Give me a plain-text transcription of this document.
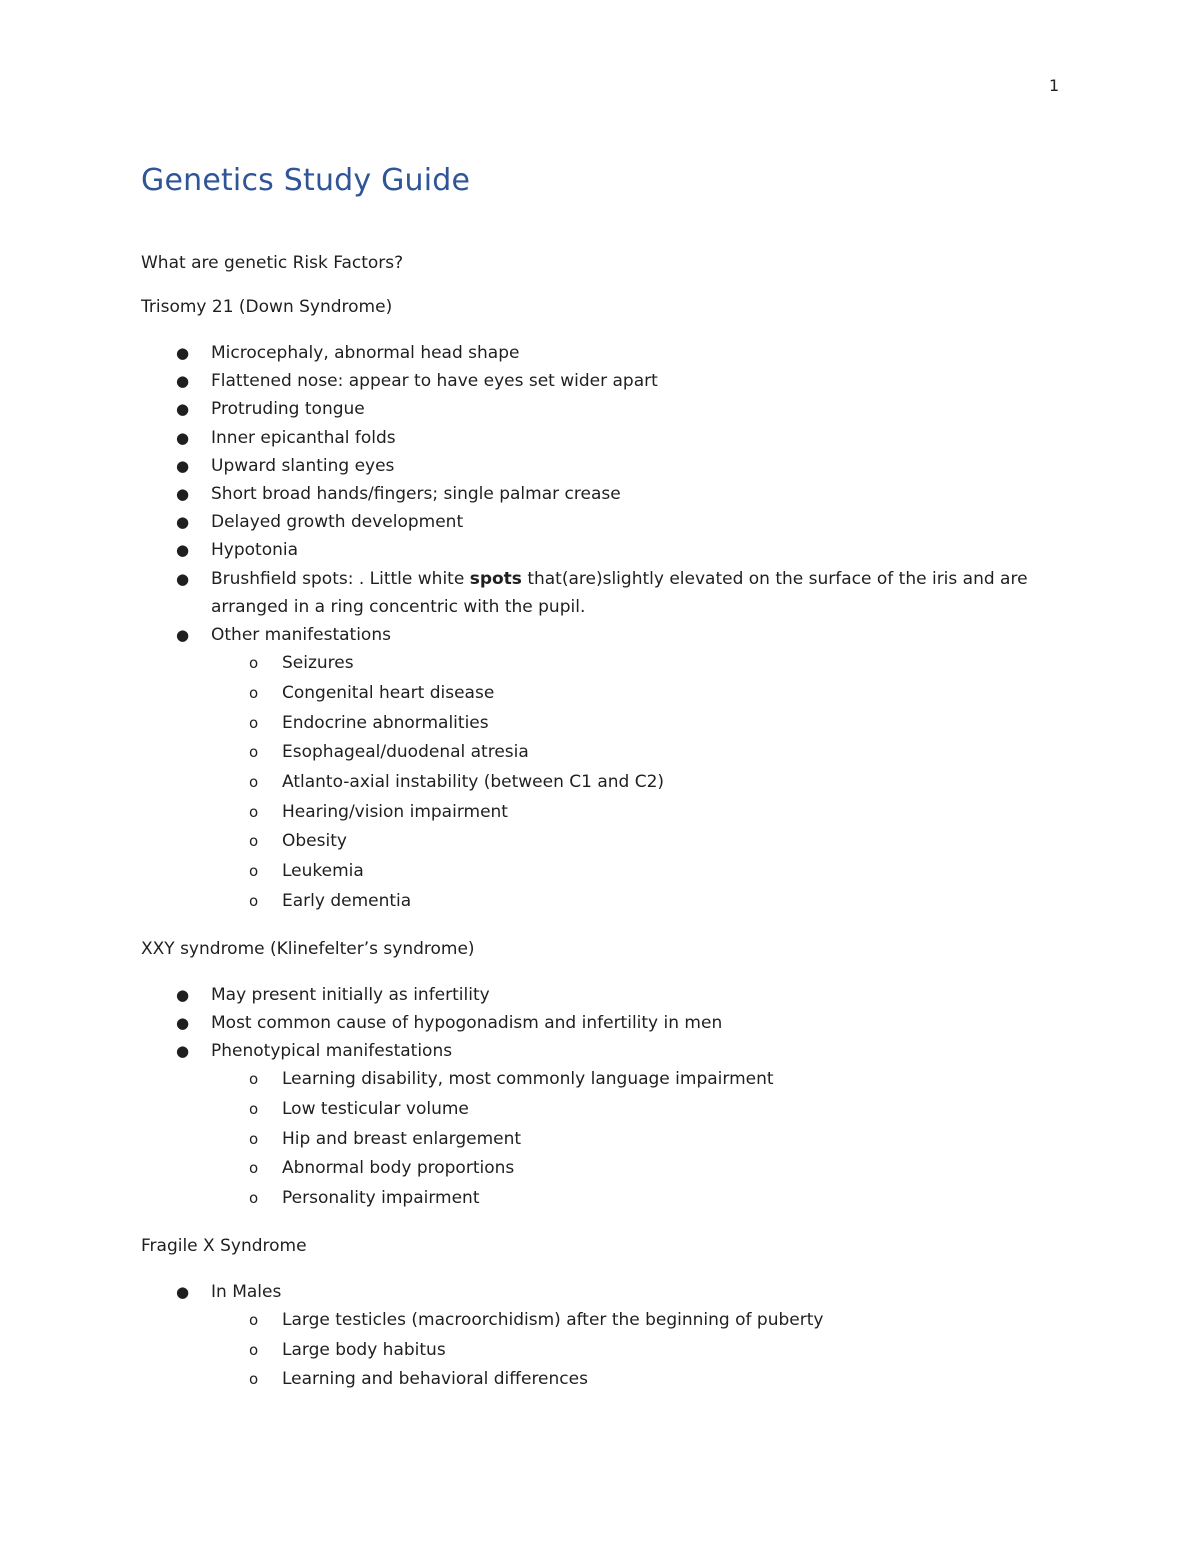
1
Genetics Study Guide

What are genetic Risk Factors?

Trisomy 21 (Down Syndrome)

● Microcephaly, abnormal head shape
● Flattened nose: appear to have eyes set wider apart
● Protruding tongue
● Inner epicanthal folds
● Upward slanting eyes
● Short broad hands/fingers; single palmar crease
● Delayed growth development
● Hypotonia
● Brushfield spots: . Little white spots that(are)slightly elevated on the surface of the iris and are arranged in a ring concentric with the pupil.
● Other manifestations
o Seizures
o Congenital heart disease
o Endocrine abnormalities
o Esophageal/duodenal atresia
o Atlanto-axial instability (between C1 and C2)
o Hearing/vision impairment
o Obesity
o Leukemia
o Early dementia

XXY syndrome (Klinefelter’s syndrome)

● May present initially as infertility
● Most common cause of hypogonadism and infertility in men
● Phenotypical manifestations
o Learning disability, most commonly language impairment
o Low testicular volume
o Hip and breast enlargement
o Abnormal body proportions
o Personality impairment

Fragile X Syndrome

● In Males
o Large testicles (macroorchidism) after the beginning of puberty
o Large body habitus
o Learning and behavioral differences
